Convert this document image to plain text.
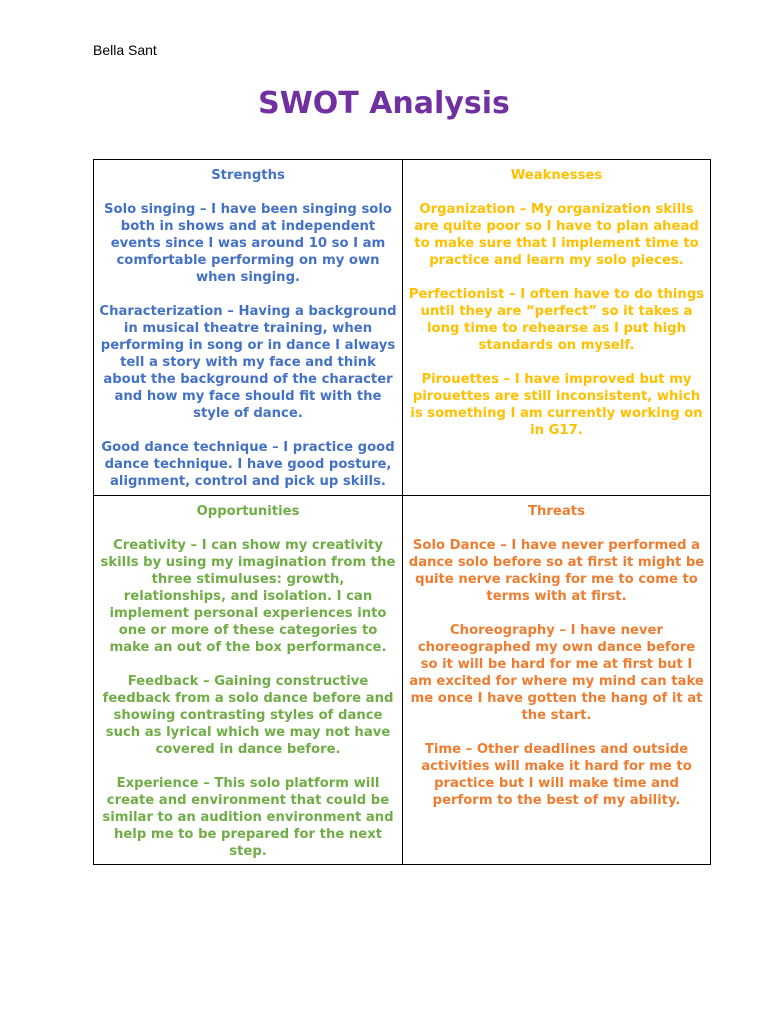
Bella Sant
SWOT Analysis
Strengths

Solo singing – I have been singing solo both in shows and at independent events since I was around 10 so I am comfortable performing on my own when singing.

Characterization – Having a background in musical theatre training, when performing in song or in dance I always tell a story with my face and think about the background of the character and how my face should fit with the style of dance.

Good dance technique – I practice good dance technique. I have good posture, alignment, control and pick up skills.

Weaknesses

Organization – My organization skills are quite poor so I have to plan ahead to make sure that I implement time to practice and learn my solo pieces.

Perfectionist – I often have to do things until they are “perfect” so it takes a long time to rehearse as I put high standards on myself.

Pirouettes – I have improved but my pirouettes are still inconsistent, which is something I am currently working on in G17.

Opportunities

Creativity – I can show my creativity skills by using my imagination from the three stimuluses: growth, relationships, and isolation. I can implement personal experiences into one or more of these categories to make an out of the box performance.

Feedback – Gaining constructive feedback from a solo dance before and showing contrasting styles of dance such as lyrical which we may not have covered in dance before.

Experience – This solo platform will create and environment that could be similar to an audition environment and help me to be prepared for the next step.

Threats

Solo Dance – I have never performed a dance solo before so at first it might be quite nerve racking for me to come to terms with at first.

Choreography – I have never choreographed my own dance before so it will be hard for me at first but I am excited for where my mind can take me once I have gotten the hang of it at the start.

Time – Other deadlines and outside activities will make it hard for me to practice but I will make time and perform to the best of my ability.
